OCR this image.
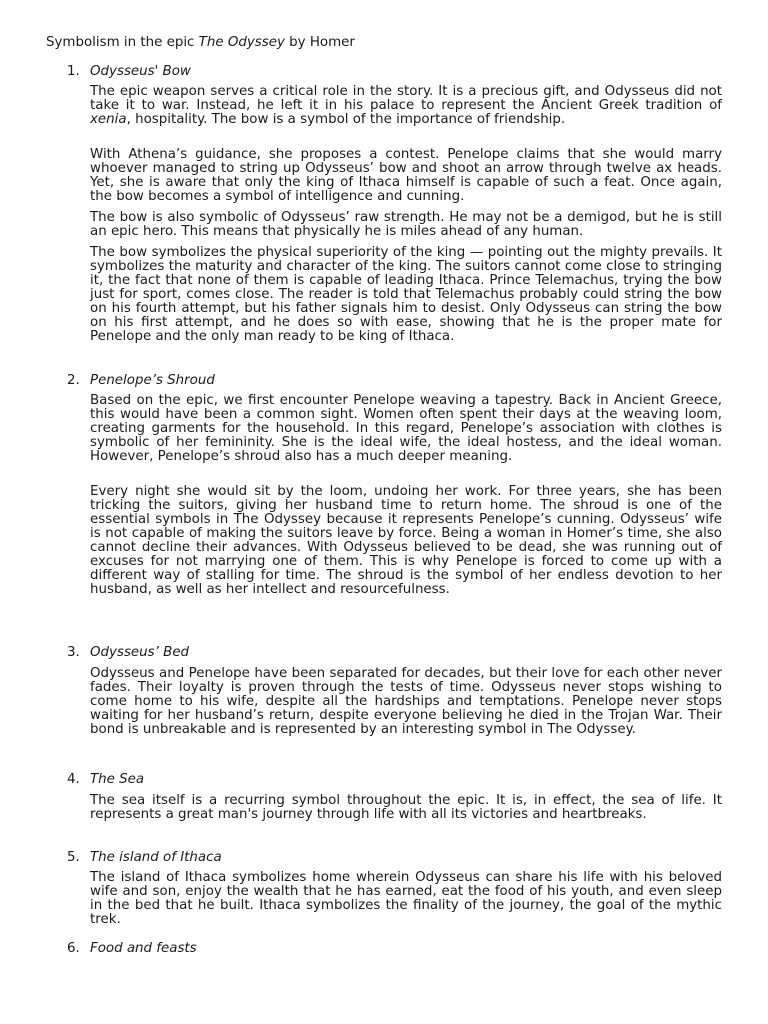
Symbolism in the epic The Odyssey by Homer
1. Odysseus' Bow

The epic weapon serves a critical role in the story. It is a precious gift, and Odysseus did not take it to war. Instead, he left it in his palace to represent the Ancient Greek tradition of xenia, hospitality. The bow is a symbol of the importance of friendship.

With Athena’s guidance, she proposes a contest. Penelope claims that she would marry whoever managed to string up Odysseus’ bow and shoot an arrow through twelve ax heads. Yet, she is aware that only the king of Ithaca himself is capable of such a feat. Once again, the bow becomes a symbol of intelligence and cunning.

The bow is also symbolic of Odysseus’ raw strength. He may not be a demigod, but he is still an epic hero. This means that physically he is miles ahead of any human.

The bow symbolizes the physical superiority of the king — pointing out the mighty prevails. It symbolizes the maturity and character of the king. The suitors cannot come close to stringing it, the fact that none of them is capable of leading Ithaca. Prince Telemachus, trying the bow just for sport, comes close. The reader is told that Telemachus probably could string the bow on his fourth attempt, but his father signals him to desist. Only Odysseus can string the bow on his first attempt, and he does so with ease, showing that he is the proper mate for Penelope and the only man ready to be king of Ithaca.

2. Penelope’s Shroud

Based on the epic, we first encounter Penelope weaving a tapestry. Back in Ancient Greece, this would have been a common sight. Women often spent their days at the weaving loom, creating garments for the household. In this regard, Penelope’s association with clothes is symbolic of her femininity. She is the ideal wife, the ideal hostess, and the ideal woman. However, Penelope’s shroud also has a much deeper meaning.

Every night she would sit by the loom, undoing her work. For three years, she has been tricking the suitors, giving her husband time to return home. The shroud is one of the essential symbols in The Odyssey because it represents Penelope’s cunning. Odysseus’ wife is not capable of making the suitors leave by force. Being a woman in Homer’s time, she also cannot decline their advances. With Odysseus believed to be dead, she was running out of excuses for not marrying one of them. This is why Penelope is forced to come up with a different way of stalling for time. The shroud is the symbol of her endless devotion to her husband, as well as her intellect and resourcefulness.

3. Odysseus’ Bed

Odysseus and Penelope have been separated for decades, but their love for each other never fades. Their loyalty is proven through the tests of time. Odysseus never stops wishing to come home to his wife, despite all the hardships and temptations. Penelope never stops waiting for her husband’s return, despite everyone believing he died in the Trojan War. Their bond is unbreakable and is represented by an interesting symbol in The Odyssey.

4. The Sea

The sea itself is a recurring symbol throughout the epic. It is, in effect, the sea of life. It represents a great man's journey through life with all its victories and heartbreaks.

5. The island of Ithaca

The island of Ithaca symbolizes home wherein Odysseus can share his life with his beloved wife and son, enjoy the wealth that he has earned, eat the food of his youth, and even sleep in the bed that he built. Ithaca symbolizes the finality of the journey, the goal of the mythic trek.

6. Food and feasts
